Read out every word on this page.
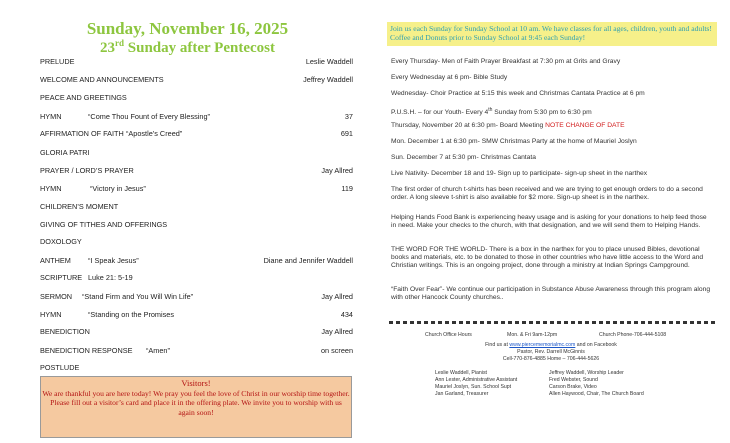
Sunday, November 16, 2025
23rd Sunday after Pentecost
PRELUDE	Leslie Waddell
WELCOME AND ANNOUNCEMENTS	Jeffrey Waddell
PEACE AND GREETINGS
HYMN	“Come Thou Fount of Every Blessing”	37
AFFIRMATION OF FAITH “Apostle’s Creed”	691
GLORIA PATRI
PRAYER / LORD’S PRAYER	Jay Allred
HYMN	“Victory in Jesus”	119
CHILDREN’S MOMENT
GIVING OF TITHES AND OFFERINGS
DOXOLOGY
ANTHEM “I Speak Jesus”	Diane and Jennifer Waddell
SCRIPTURE Luke 21: 5-19
SERMON “Stand Firm and You Will Win Life”	Jay Allred
HYMN	“Standing on the Promises	434
BENEDICTION	Jay Allred
BENEDICTION RESPONSE “Amen”	on screen
POSTLUDE
Visitors!
We are thankful you are here today! We pray you feel the love of Christ in our worship time together. Please fill out a visitor’s card and place it in the offering plate. We invite you to worship with us again soon!
Join us each Sunday for Sunday School at 10 am. We have classes for all ages, children, youth and adults! Coffee and Donuts prior to Sunday School at 9:45 each Sunday!
Every Thursday- Men of Faith Prayer Breakfast at 7:30 pm at Grits and Gravy
Every Wednesday at 6 pm- Bible Study
Wednesday- Choir Practice at 5:15 this week and Christmas Cantata Practice at 6 pm
P.U.S.H. – for our Youth- Every 4th Sunday from 5:30 pm to 6:30 pm
Thursday, November 20 at 6:30 pm- Board Meeting NOTE CHANGE OF DATE
Mon. December 1 at 6:30 pm- SMW Christmas Party at the home of Mauriel Joslyn
Sun. December 7 at 5:30 pm- Christmas Cantata
Live Nativity- December 18 and 19- Sign up to participate- sign-up sheet in the narthex
The first order of church t-shirts has been received and we are trying to get enough orders to do a second order. A long sleeve t-shirt is also available for $2 more. Sign-up sheet is in the narthex.
Helping Hands Food Bank is experiencing heavy usage and is asking for your donations to help feed those in need. Make your checks to the church, with that designation, and we will send them to Helping Hands.
THE WORD FOR THE WORLD- There is a box in the narthex for you to place unused Bibles, devotional books and materials, etc. to be donated to those in other countries who have little access to the Word and Christian writings. This is an ongoing project, done through a ministry at Indian Springs Campground.
“Faith Over Fear”- We continue our participation in Substance Abuse Awareness through this program along with other Hancock County churches..
Church Office Hours	Mon. & Fri 9am-12pm	Church Phone-706-444-5108
Find us at www.piercememorialmc.com and on Facebook
Pastor, Rev. Darrell McGinnis
Cell-770-876-4885 Home – 706-444-5626
Leslie Waddell, Pianist
Ann Lester, Administrative Assistant
Mauriel Joslyn, Sun. School Supt
Jan Garland, Treasurer
Jeffrey Waddell, Worship Leader
Fred Webster, Sound
Carson Brake, Video
Allen Haywood, Chair, The Church Board
